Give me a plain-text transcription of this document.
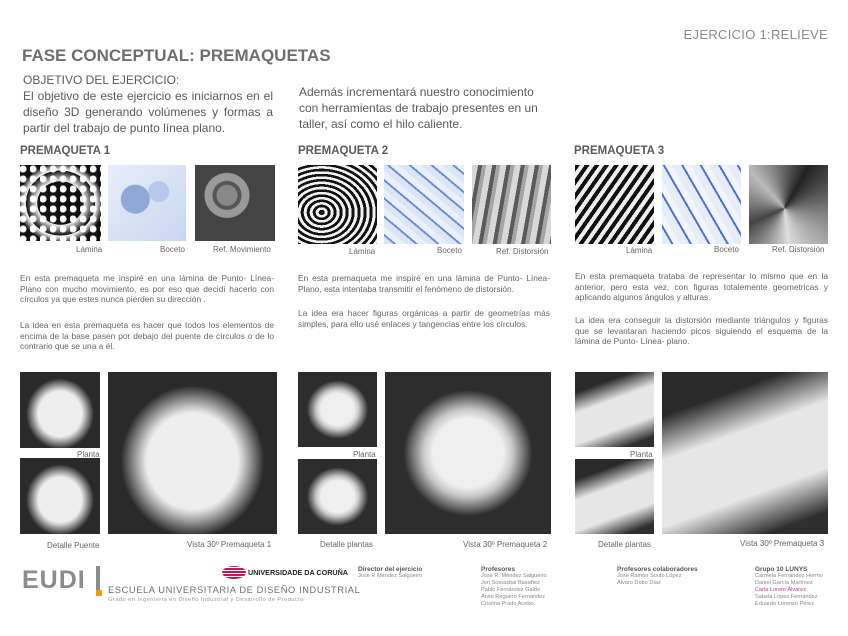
EJERCICIO 1:RELIEVE
FASE CONCEPTUAL: PREMAQUETAS
OBJETIVO DEL EJERCICIO:
El objetivo de este ejercicio es iniciarnos en el diseño 3D generando volúmenes y formas a partir del trabajo de punto línea plano.
Además incrementará nuestro conocimiento con herramientas de trabajo presentes en un taller, así como el hilo caliente.
PREMAQUETA 1
Lámina	Boceto	Ref. Movimiento
En esta premaqueta me inspiré en una lámina de Punto- Línea- Plano con mucho movimiento, es por eso que decidí hacerlo con círculos ya que estes nunca pierden su dirección .
La idea en esta premaqueta es hacer que todos los elementos de encima de la base pasen por debajo del puente de círculos o de lo contrario que se una a él.
Planta
Detalle Puente	Vista 30º Premaqueta 1
PREMAQUETA 2
Lámina	Boceto	Ref. Distorsión
En esta premaqueta me inspiré en una lámina de Punto- Línea- Plano, esta intentaba transmitir el fenómeno de distorsión.
La idea era hacer figuras orgánicas a partir de geometrías más simples, para ello usé enlaces y tangencias entre los círculos.
Planta
Detalle plantas	Vista 30º Premaqueta 2
PREMAQUETA 3
Lámina	Boceto	Ref. Distorsión
En esta premaqueta trataba de representar lo mismo que en la anterior, pero esta vez, con figuras totalemente geometricas y aplicando algunos ángulos y alturas.
La idea era conseguir la distorsión mediante triángulos y figuras que se levantaran haciendo picos siguiendo el esquema de la lámina de Punto- Línea- plano.
Planta
Detalle plantas	Vista 30º Premaqueta 3
EUDI ESCUELA UNIVERSITARIA DE DISEÑO INDUSTRIAL
Grado en Ingeniería en Diseño Industrial y Desarrollo de Producto
UNIVERSIDADE DA CORUÑA Director del ejercicio
José R Méndez Salgueiro
Profesores
José R. Méndez Salgueiro
Jon Sotoasbal Basañez
Pablo Fernández Galdo
Anxo Reguero Fernández
Cristina Prado Acebo.
Profesores colaboradores
Jose Ramón Souto López
Álvaro Dobo Díaz
Grupo 10 LUNYS
Carmela Fernández Hermo
Daniel García Martínez
Carla Loreto Álvarez
Sabela López Fernández
Eduardo Lorenzo Pérez
